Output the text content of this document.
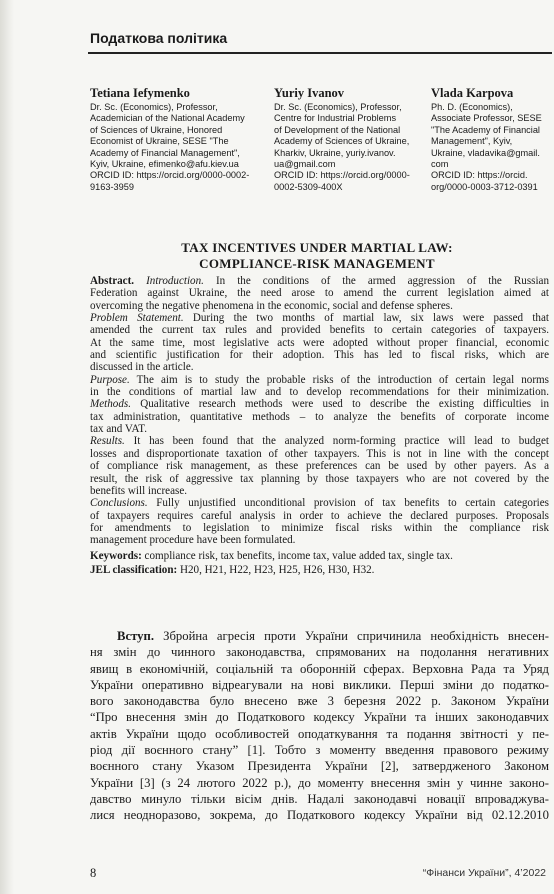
Податкова політика
Tetiana Iefymenko
Dr. Sc. (Economics), Professor,
Academician of the National Academy
of Sciences of Ukraine, Honored
Economist of Ukraine, SESE "The
Academy of Financial Management",
Kyiv, Ukraine, efimenko@afu.kiev.ua
ORCID ID: https://orcid.org/0000-0002-
9163-3959
Yuriy Ivanov
Dr. Sc. (Economics), Professor,
Centre for Industrial Problems
of Development of the National
Academy of Sciences of Ukraine,
Kharkiv, Ukraine, yuriy.ivanov.
ua@gmail.com
ORCID ID: https://orcid.org/0000-
0002-5309-400X
Vlada Karpova
Ph. D. (Economics),
Associate Professor, SESE
"The Academy of Financial
Management", Kyiv,
Ukraine, vladavika@gmail.
com
ORCID ID: https://orcid.
org/0000-0003-3712-0391
TAX INCENTIVES UNDER MARTIAL LAW:
COMPLIANCE-RISK MANAGEMENT
Abstract. Introduction. In the conditions of the armed aggression of the Russian
Federation against Ukraine, the need arose to amend the current legislation aimed at
overcoming the negative phenomena in the economic, social and defense spheres.
Problem Statement. During the two months of martial law, six laws were passed that
amended the current tax rules and provided benefits to certain categories of taxpayers.
At the same time, most legislative acts were adopted without proper financial, economic
and scientific justification for their adoption. This has led to fiscal risks, which are
discussed in the article.
Purpose. The aim is to study the probable risks of the introduction of certain legal norms
in the conditions of martial law and to develop recommendations for their minimization.
Methods. Qualitative research methods were used to describe the existing difficulties in
tax administration, quantitative methods – to analyze the benefits of corporate income
tax and VAT.
Results. It has been found that the analyzed norm-forming practice will lead to budget
losses and disproportionate taxation of other taxpayers. This is not in line with the concept
of compliance risk management, as these preferences can be used by other payers. As a
result, the risk of aggressive tax planning by those taxpayers who are not covered by the
benefits will increase.
Conclusions. Fully unjustified unconditional provision of tax benefits to certain categories
of taxpayers requires careful analysis in order to achieve the declared purposes. Proposals
for amendments to legislation to minimize fiscal risks within the compliance risk
management procedure have been formulated.
Keywords: compliance risk, tax benefits, income tax, value added tax, single tax.
JEL classification: H20, H21, H22, H23, H25, H26, H30, H32.
Вступ. Збройна агресія проти України спричинила необхідність внесен-
ня змін до чинного законодавства, спрямованих на подолання негативних
явищ в економічній, соціальній та оборонній сферах. Верховна Рада та Уряд
України оперативно відреагували на нові виклики. Перші зміни до податко-
вого законодавства було внесено вже 3 березня 2022 р. Законом України
“Про внесення змін до Податкового кодексу України та інших законодавчих
актів України щодо особливостей оподаткування та подання звітності у пе-
ріод дії воєнного стану” [1]. Тобто з моменту введення правового режиму
воєнного стану Указом Президента України [2], затвердженого Законом
України [3] (з 24 лютого 2022 р.), до моменту внесення змін у чинне законо-
давство минуло тільки вісім днів. Надалі законодавчі новації впроваджува-
лися неодноразово, зокрема, до Податкового кодексу України від 02.12.2010
8	“Фінанси України”, 4’2022
